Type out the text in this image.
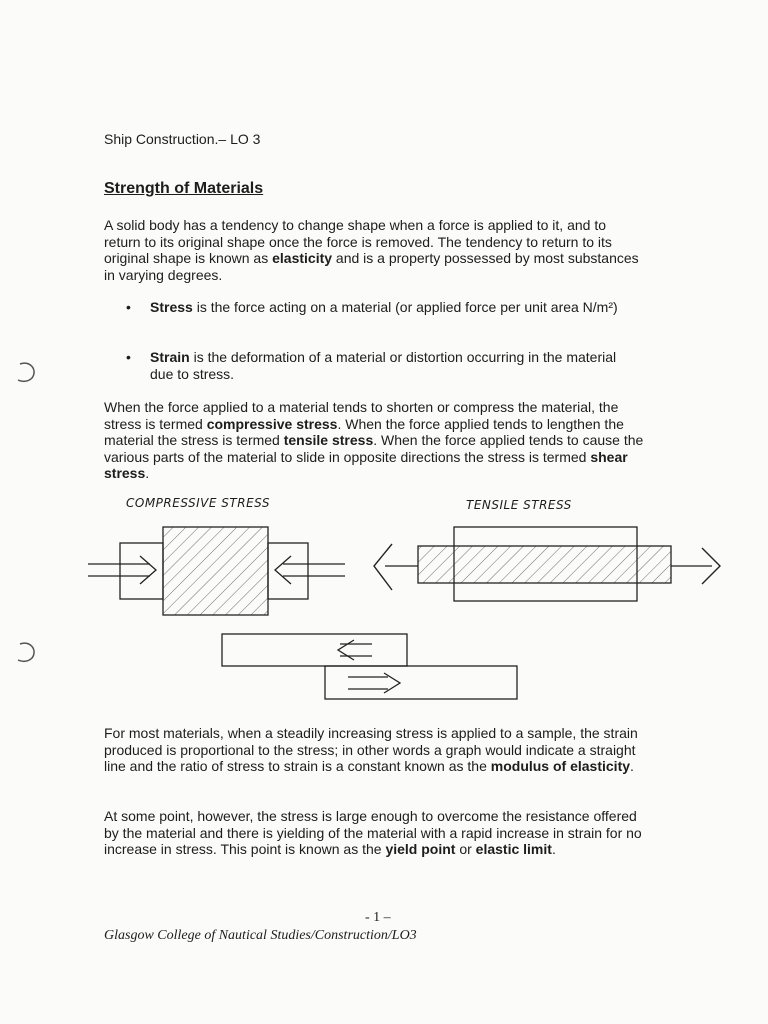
Ship Construction.– LO 3
Strength of Materials
A solid body has a tendency to change shape when a force is applied to it, and to return to its original shape once the force is removed. The tendency to return to its original shape is known as elasticity and is a property possessed by most substances in varying degrees.
• Stress is the force acting on a material (or applied force per unit area N/m²)
• Strain is the deformation of a material or distortion occurring in the material due to stress.
When the force applied to a material tends to shorten or compress the material, the stress is termed compressive stress. When the force applied tends to lengthen the material the stress is termed tensile stress. When the force applied tends to cause the various parts of the material to slide in opposite directions the stress is termed shear stress.
COMPRESSIVE STRESS	TENSILE STRESS
For most materials, when a steadily increasing stress is applied to a sample, the strain produced is proportional to the stress; in other words a graph would indicate a straight line and the ratio of stress to strain is a constant known as the modulus of elasticity.
At some point, however, the stress is large enough to overcome the resistance offered by the material and there is yielding of the material with a rapid increase in strain for no increase in stress. This point is known as the yield point or elastic limit.
- 1 –
Glasgow College of Nautical Studies/Construction/LO3
